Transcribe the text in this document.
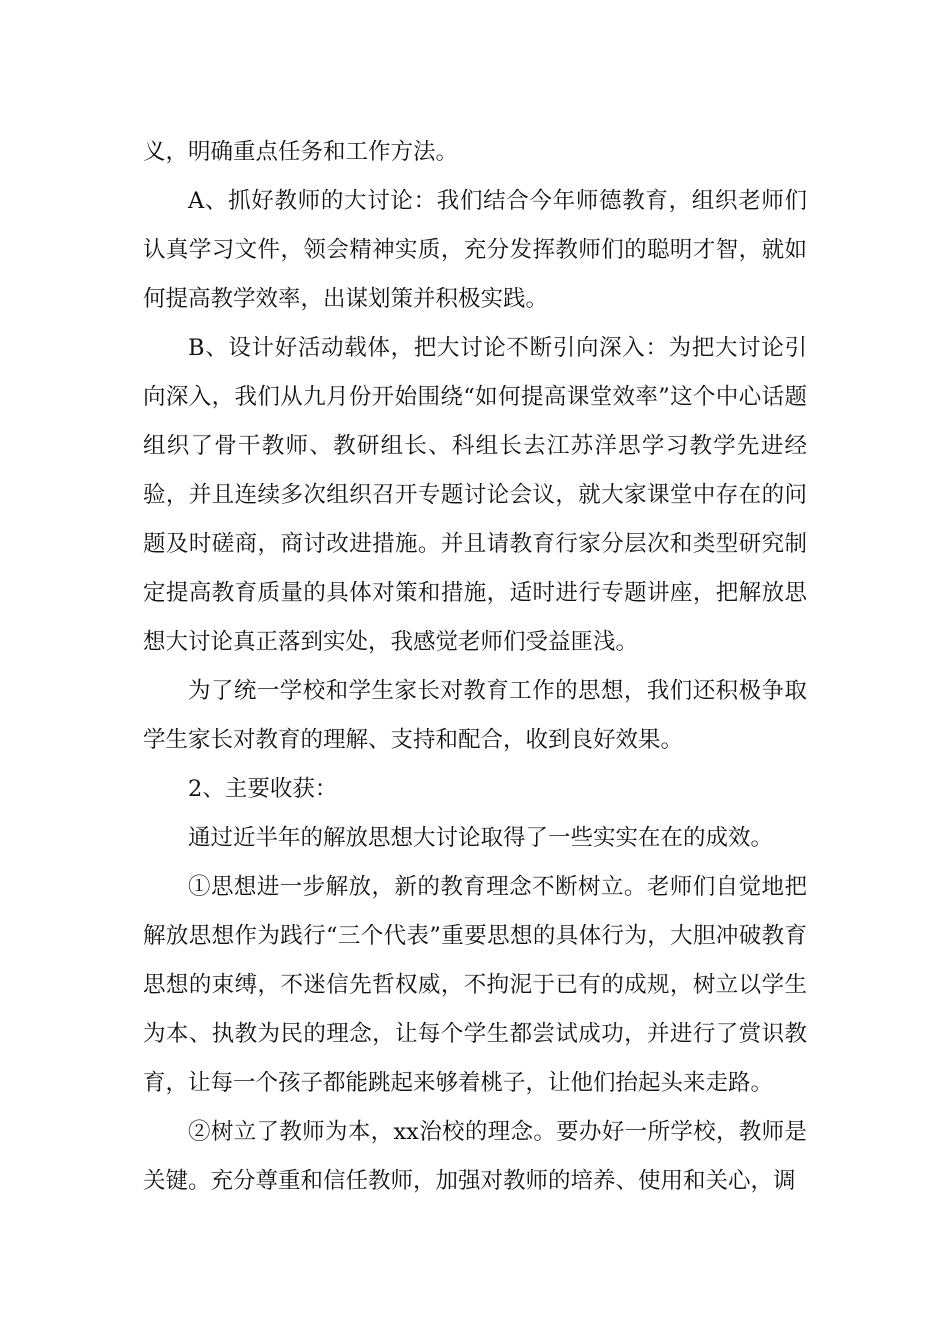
义，明确重点任务和工作方法。

A、抓好教师的大讨论：我们结合今年师德教育，组织老师们认真学习文件，领会精神实质，充分发挥教师们的聪明才智，就如何提高教学效率，出谋划策并积极实践。

B、设计好活动载体，把大讨论不断引向深入：为把大讨论引向深入，我们从九月份开始围绕“如何提高课堂效率”这个中心话题组织了骨干教师、教研组长、科组长去江苏洋思学习教学先进经验，并且连续多次组织召开专题讨论会议，就大家课堂中存在的问题及时磋商，商讨改进措施。并且请教育行家分层次和类型研究制定提高教育质量的具体对策和措施，适时进行专题讲座，把解放思想大讨论真正落到实处，我感觉老师们受益匪浅。

为了统一学校和学生家长对教育工作的思想，我们还积极争取学生家长对教育的理解、支持和配合，收到良好效果。

2、主要收获：

通过近半年的解放思想大讨论取得了一些实实在在的成效。

①思想进一步解放，新的教育理念不断树立。老师们自觉地把解放思想作为践行“三个代表”重要思想的具体行为，大胆冲破教育思想的束缚，不迷信先哲权威，不拘泥于已有的成规，树立以学生为本、执教为民的理念，让每个学生都尝试成功，并进行了赏识教育，让每一个孩子都能跳起来够着桃子，让他们抬起头来走路。

②树立了教师为本，xx治校的理念。要办好一所学校，教师是关键。充分尊重和信任教师，加强对教师的培养、使用和关心，调
